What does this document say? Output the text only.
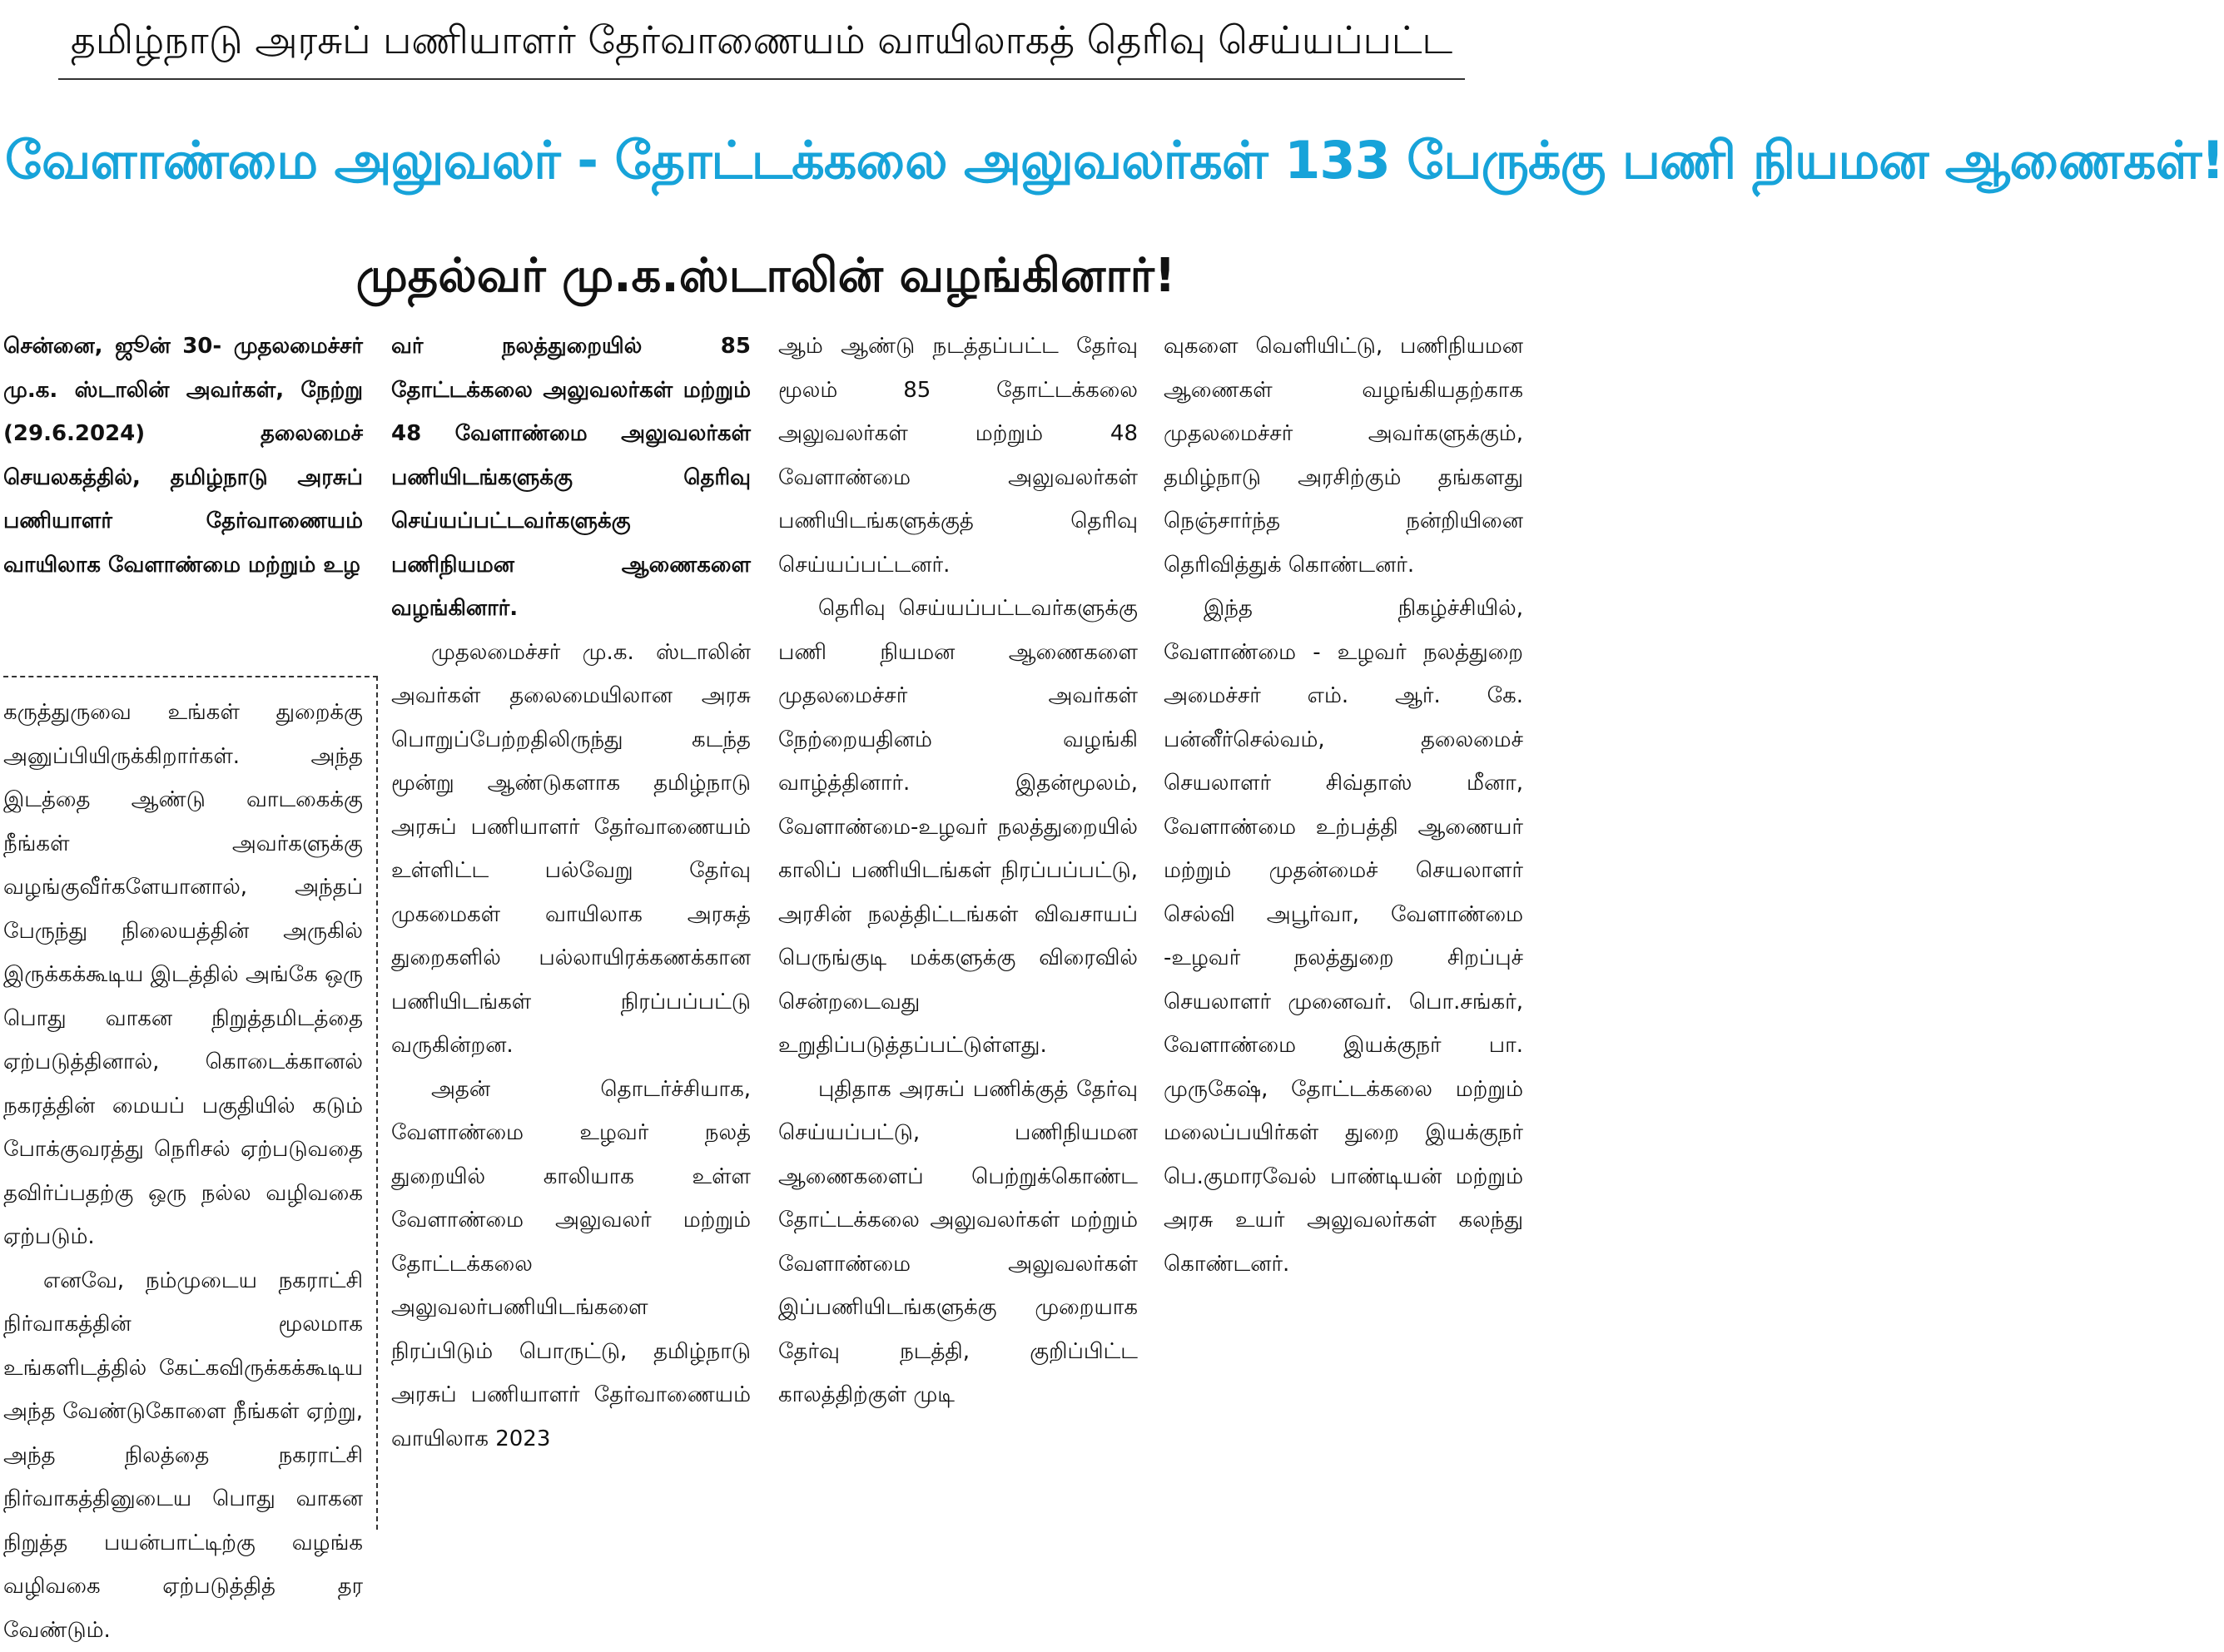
தமிழ்நாடு அரசுப் பணியாளர் தேர்வாணையம் வாயிலாகத் தெரிவு செய்யப்பட்ட
வேளாண்மை அலுவலர் - தோட்டக்கலை அலுவலர்கள் 133 பேருக்கு பணி நியமன ஆணைகள்!
முதல்வர் மு.க.ஸ்டாலின் வழங்கினார்!

சென்னை, ஜூன் 30- முதலமைச்சர் மு.க. ஸ்டாலின் அவர்கள், நேற்று (29.6.2024) தலைமைச் செயலகத்தில், தமிழ்நாடு அரசுப் பணியாளர் தேர்வாணையம் வாயிலாக வேளாண்மை மற்றும் உழ

கருத்துருவை உங்கள் துறைக்கு அனுப்பியிருக்கிறார்கள். அந்த இடத்தை ஆண்டு வாடகைக்கு நீங்கள் அவர்களுக்கு வழங்குவீர்களேயானால், அந்தப் பேருந்து நிலையத்தின் அருகில் இருக்கக்கூடிய இடத்தில் அங்கே ஒரு பொது வாகன நிறுத்தமிடத்தை ஏற்படுத்தினால், கொடைக்கானல் நகரத்தின் மையப் பகுதியில் கடும் போக்குவரத்து நெரிசல் ஏற்படுவதை தவிர்ப்பதற்கு ஒரு நல்ல வழிவகை ஏற்படும்.

எனவே, நம்முடைய நகராட்சி நிர்வாகத்தின் மூலமாக உங்களிடத்தில் கேட்கவிருக்கக்கூடிய அந்த வேண்டுகோளை நீங்கள் ஏற்று, அந்த நிலத்தை நகராட்சி நிர்வாகத்தினுடைய பொது வாகன நிறுத்த பயன்பாட்டிற்கு வழங்க வழிவகை ஏற்படுத்தித் தர வேண்டும்.

வர் நலத்துறையில் 85 தோட்டக்கலை அலுவலர்கள் மற்றும் 48 வேளாண்மை அலுவலர்கள் பணியிடங்களுக்கு தெரிவு செய்யப்பட்டவர்களுக்கு பணிநியமன ஆணைகளை வழங்கினார்.

முதலமைச்சர் மு.க. ஸ்டாலின் அவர்கள் தலைமையிலான அரசு பொறுப்பேற்றதிலிருந்து கடந்த மூன்று ஆண்டுகளாக தமிழ்நாடு அரசுப் பணியாளர் தேர்வாணையம் உள்ளிட்ட பல்வேறு தேர்வு முகமைகள் வாயிலாக அரசுத் துறைகளில் பல்லாயிரக்கணக்கான பணியிடங்கள் நிரப்பப்பட்டு வருகின்றன.

அதன் தொடர்ச்சியாக, வேளாண்மை உழவர் நலத் துறையில் காலியாக உள்ள வேளாண்மை அலுவலர் மற்றும் தோட்டக்கலை அலுவலர்பணியிடங்களை நிரப்பிடும் பொருட்டு, தமிழ்நாடு அரசுப் பணியாளர் தேர்வாணையம் வாயிலாக 2023

ஆம் ஆண்டு நடத்தப்பட்ட தேர்வு மூலம் 85 தோட்டக்கலை அலுவலர்கள் மற்றும் 48 வேளாண்மை அலுவலர்கள் பணியிடங்களுக்குத் தெரிவு செய்யப்பட்டனர்.

தெரிவு செய்யப்பட்டவர்களுக்கு பணி நியமன ஆணைகளை முதலமைச்சர் அவர்கள் நேற்றையதினம் வழங்கி வாழ்த்தினார். இதன்மூலம், வேளாண்மை-உழவர் நலத்துறையில் காலிப் பணியிடங்கள் நிரப்பப்பட்டு, அரசின் நலத்திட்டங்கள் விவசாயப் பெருங்குடி மக்களுக்கு விரைவில் சென்றடைவது உறுதிப்படுத்தப்பட்டுள்ளது.

புதிதாக அரசுப் பணிக்குத் தேர்வு செய்யப்பட்டு, பணிநியமன ஆணைகளைப் பெற்றுக்கொண்ட தோட்டக்கலை அலுவலர்கள் மற்றும் வேளாண்மை அலுவலர்கள் இப்பணியிடங்களுக்கு முறையாக தேர்வு நடத்தி, குறிப்பிட்ட காலத்திற்குள் முடி

வுகளை வெளியிட்டு, பணிநியமன ஆணைகள் வழங்கியதற்காக முதலமைச்சர் அவர்களுக்கும், தமிழ்நாடு அரசிற்கும் தங்களது நெஞ்சார்ந்த நன்றியினை தெரிவித்துக் கொண்டனர்.

இந்த நிகழ்ச்சியில், வேளாண்மை - உழவர் நலத்துறை அமைச்சர் எம். ஆர். கே. பன்னீர்செல்வம், தலைமைச் செயலாளர் சிவ்தாஸ் மீனா, வேளாண்மை உற்பத்தி ஆணையர் மற்றும் முதன்மைச் செயலாளர் செல்வி அபூர்வா, வேளாண்மை -உழவர் நலத்துறை சிறப்புச் செயலாளர் முனைவர். பொ.சங்கர், வேளாண்மை இயக்குநர் பா. முருகேஷ், தோட்டக்கலை மற்றும் மலைப்பயிர்கள் துறை இயக்குநர் பெ.குமாரவேல் பாண்டியன் மற்றும் அரசு உயர் அலுவலர்கள் கலந்து கொண்டனர்.
